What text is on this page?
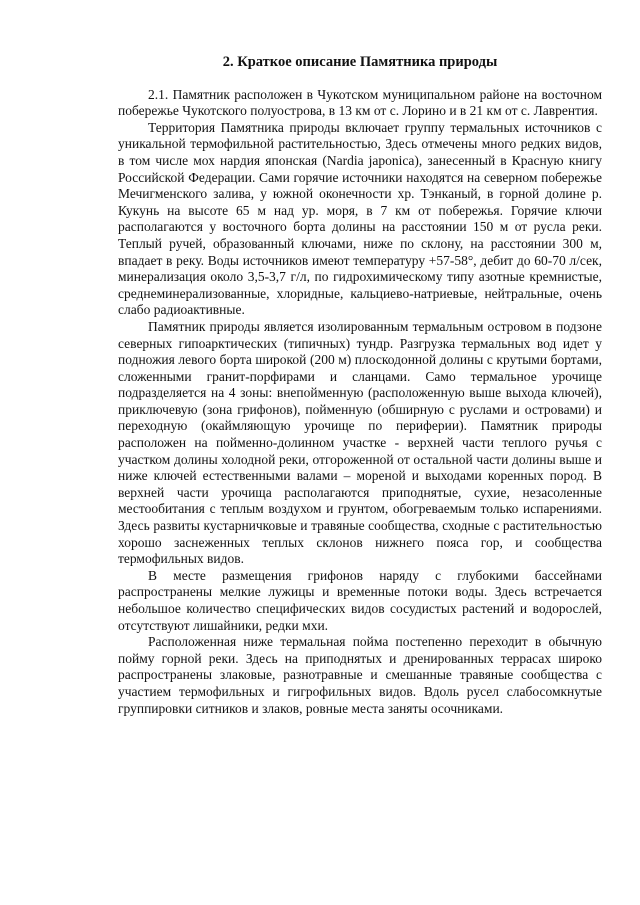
2. Краткое описание Памятника природы

2.1. Памятник расположен в Чукотском муниципальном районе на восточном побережье Чукотского полуострова, в 13 км от с. Лорино и в 21 км от с. Лаврентия.

Территория Памятника природы включает группу термальных источников с уникальной термофильной растительностью, Здесь отмечены много редких видов, в том числе мох нардия японская (Nardia japonica), занесенный в Красную книгу Российской Федерации. Сами горячие источники находятся на северном побережье Мечигменского залива, у южной оконечности хр. Тэнканый, в горной долине р. Кукунь на высоте 65 м над ур. моря, в 7 км от побережья. Горячие ключи располагаются у восточного борта долины на расстоянии 150 м от русла реки. Теплый ручей, образованный ключами, ниже по склону, на расстоянии 300 м, впадает в реку. Воды источников имеют температуру +57-58°, дебит до 60-70 л/сек, минерализация около 3,5-3,7 г/л, по гидрохимическому типу азотные кремнистые, среднеминерализованные, хлоридные, кальциево-натриевые, нейтральные, очень слабо радиоактивные.

Памятник природы является изолированным термальным островом в подзоне северных гипоарктических (типичных) тундр. Разгрузка термальных вод идет у подножия левого борта широкой (200 м) плоскодонной долины с крутыми бортами, сложенными гранит-порфирами и сланцами. Само термальное урочище подразделяется на 4 зоны: внепойменную (расположенную выше выхода ключей), приключевую (зона грифонов), пойменную (обширную с руслами и островами) и переходную (окаймляющую урочище по периферии). Памятник природы расположен на пойменно-долинном участке - верхней части теплого ручья с участком долины холодной реки, отгороженной от остальной части долины выше и ниже ключей естественными валами – мореной и выходами коренных пород. В верхней части урочища располагаются приподнятые, сухие, незасоленные местообитания с теплым воздухом и грунтом, обогреваемым только испарениями. Здесь развиты кустарничковые и травяные сообщества, сходные с растительностью хорошо заснеженных теплых склонов нижнего пояса гор, и сообщества термофильных видов.

В месте размещения грифонов наряду с глубокими бассейнами распространены мелкие лужицы и временные потоки воды. Здесь встречается небольшое количество специфических видов сосудистых растений и водорослей, отсутствуют лишайники, редки мхи.

Расположенная ниже термальная пойма постепенно переходит в обычную пойму горной реки. Здесь на приподнятых и дренированных террасах широко распространены злаковые, разнотравные и смешанные травяные сообщества с участием термофильных и гигрофильных видов. Вдоль русел слабосомкнутые группировки ситников и злаков, ровные места заняты осочниками.
